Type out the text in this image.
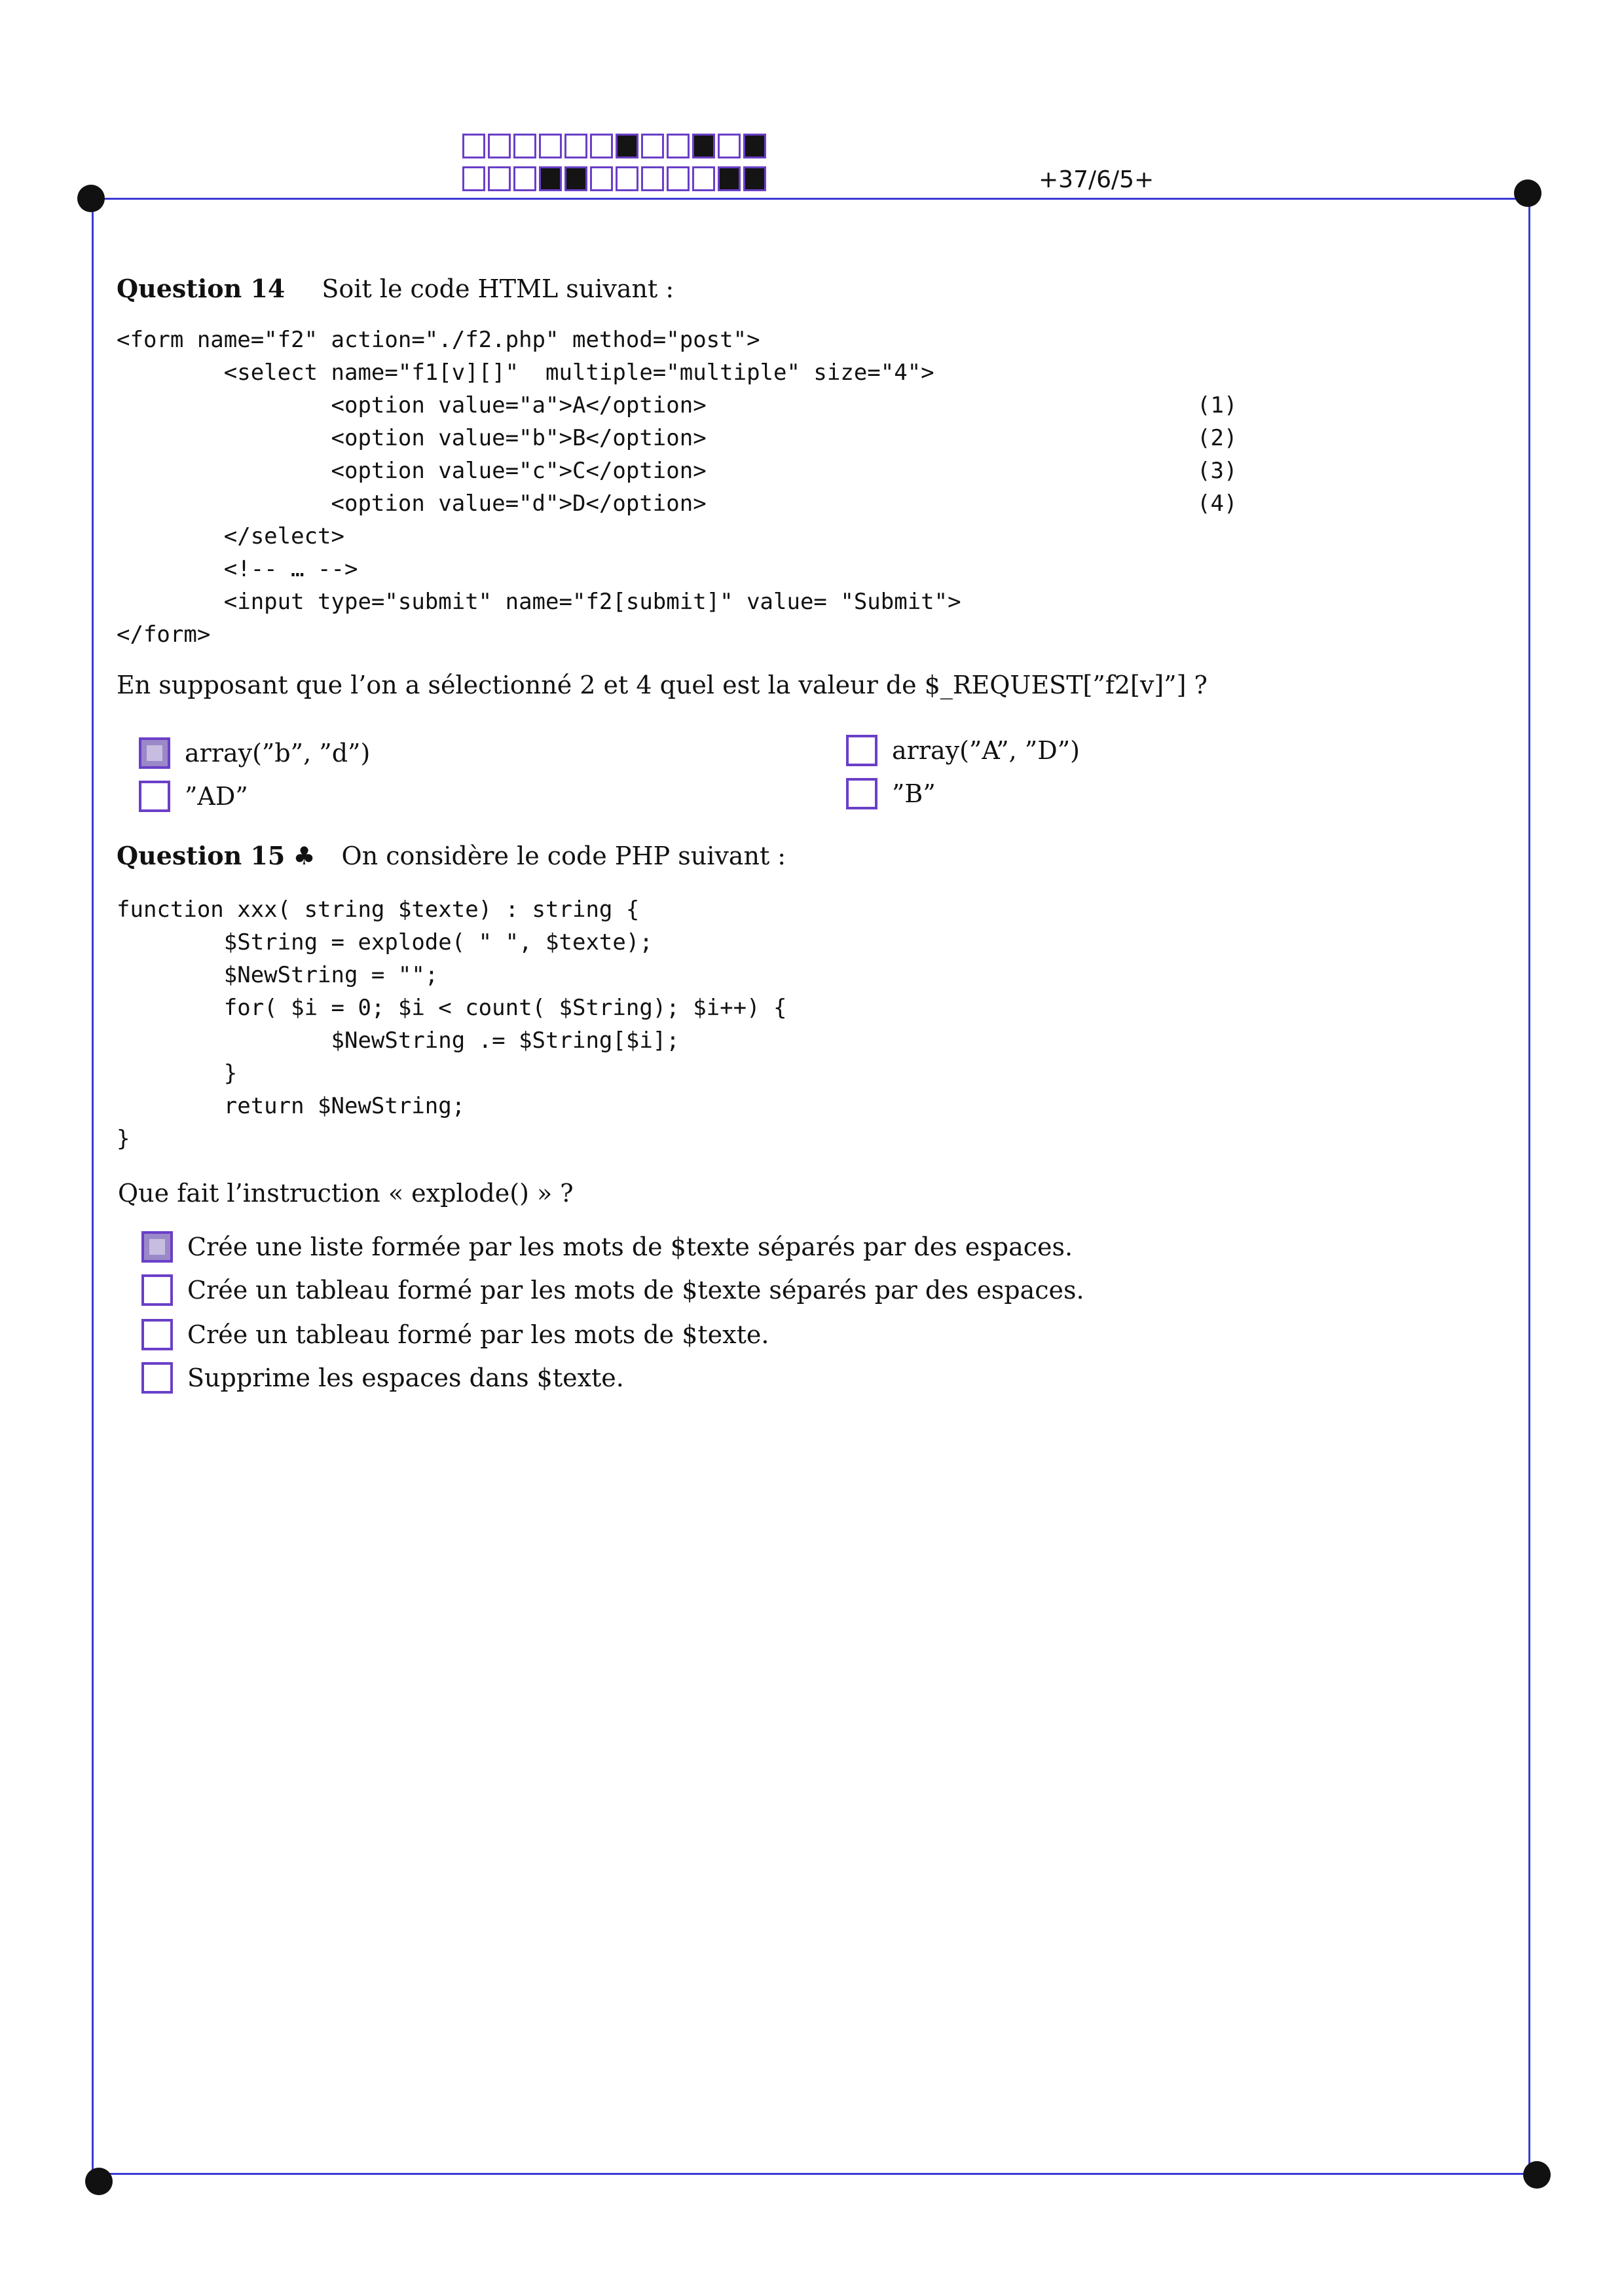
+37/6/5+
Question 14 Soit le code HTML suivant :
<form name="f2" action="./f2.php" method="post">
<select name="f1[v][]"  multiple="multiple" size="4">
<option value="a">A</option>
<option value="b">B</option>
<option value="c">C</option>
<option value="d">D</option>
</select>
<!-- … -->
<input type="submit" name="f2[submit]" value= "Submit">
</form>
(1)
(2)
(3)
(4)
En supposant que l’on a sélectionné 2 et 4 quel est la valeur de $_REQUEST[”f2[v]”] ?
array(”b”, ”d”)	array(”A”, ”D”)
”AD”	”B”
Question 15 ♣ On considère le code PHP suivant :
function xxx( string $texte) : string {
$String = explode( " ", $texte);
$NewString = "";
for( $i = 0; $i < count( $String); $i++) {
$NewString .= $String[$i];
}
return $NewString;
}
Que fait l’instruction « explode() » ?
Crée une liste formée par les mots de $texte séparés par des espaces.
Crée un tableau formé par les mots de $texte séparés par des espaces.
Crée un tableau formé par les mots de $texte.
Supprime les espaces dans $texte.
